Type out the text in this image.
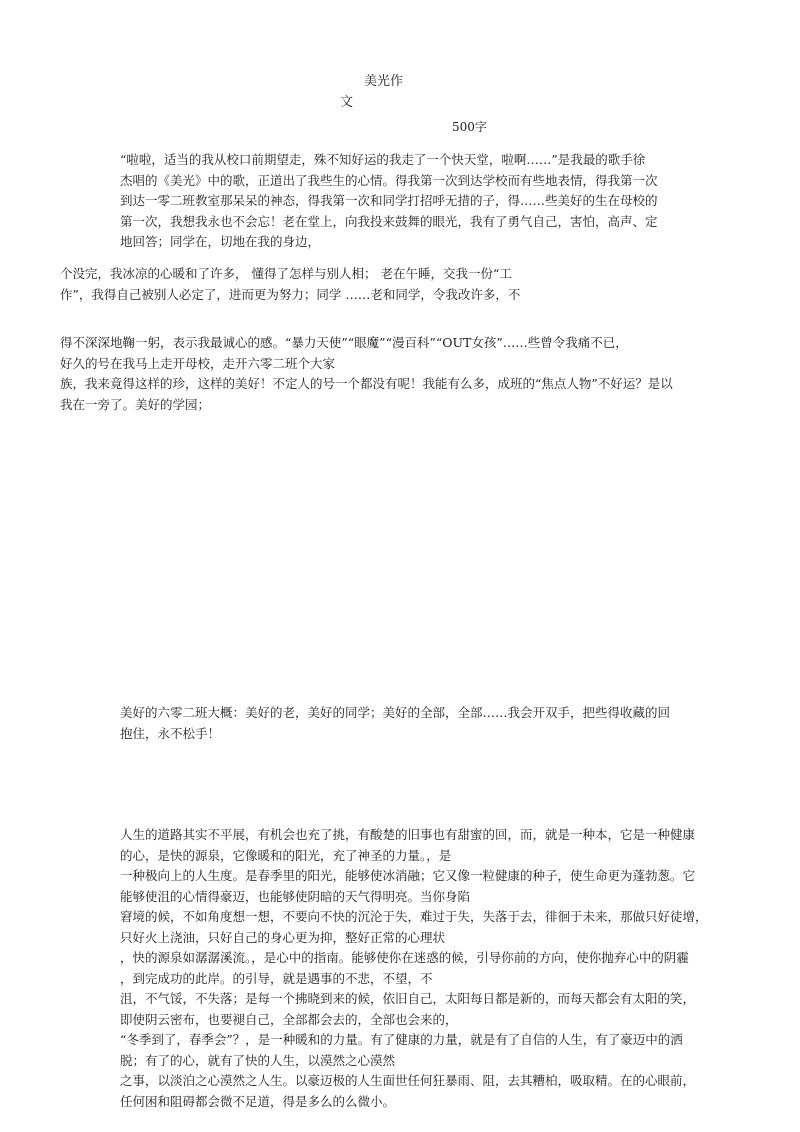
美光作
文
500字
“啦啦，适当的我从校口前期望走，殊不知好运的我走了一个快天堂，啦啊……”是我最的歌手徐
杰唱的《美光》中的歌，正道出了我些生的心情。得我第一次到达学校而有些地表情，得我第一次
到达一零二班教室那呆呆的神态，得我第一次和同学打招呼无措的子，得……些美好的生在母校的
第一次，我想我永也不会忘！老在堂上，向我投来鼓舞的眼光，我有了勇气自己，害怕，高声、定
地回答；同学在，切地在我的身边，
个没完，我冰凉的心暖和了许多， 懂得了怎样与别人相； 老在午睡，交我一份“工
作”，我得自己被别人必定了，进而更为努力；同学 ……老和同学，令我改许多，不
得不深深地鞠一躬，表示我最诚心的感。“暴力天使”“眼魔”“漫百科”“OUT女孩”……些曾令我痛不已，
好久的号在我马上走开母校，走开六零二班个大家
族，我来竟得这样的珍，这样的美好！不定人的号一个都没有呢！我能有么多，成班的“焦点人物”不好运？是以
我在一旁了。美好的学园；
美好的六零二班大概：美好的老，美好的同学；美好的全部，全部……我会开双手，把些得收藏的回
抱住，永不松手！
人生的道路其实不平展，有机会也充了挑，有酸楚的旧事也有甜蜜的回，而，就是一种本，它是一种健康
的心，是快的源泉，它像暖和的阳光，充了神圣的力量。，是
一种极向上的人生度。是春季里的阳光，能够使冰消融；它又像一粒健康的种子，使生命更为蓬勃葱。它
能够使沮的心情得豪迈，也能够使阴暗的天气得明亮。当你身陷
窘境的候，不如角度想一想，不要向不快的沉沦于失，难过于失，失落于去，徘徊于未来，那做只好徒增，
只好火上浇油，只好自己的身心更为抑，整好正常的心理状
，快的源泉如潺潺溪流。，是心中的指南。能够使你在迷惑的候，引导你前的方向，使你抛弃心中的阴霾
，到完成功的此岸。的引导，就是遇事的不悲，不望，不
沮，不气馁，不失落；是每一个拂晓到来的候，依旧自己，太阳每日都是新的，而每天都会有太阳的笑，
即使阴云密布，也要褪自己，全部都会去的，全部也会来的，
“冬季到了，春季会”？，是一种暖和的力量。有了健康的力量，就是有了自信的人生，有了豪迈中的洒
脱；有了的心，就有了快的人生，以漠然之心漠然
之事，以淡泊之心漠然之人生。以豪迈极的人生面世任何狂暴雨、阻，去其糟柏，吸取精。在的心眼前，
任何困和阻碍都会微不足道，得是多么的么微小。
